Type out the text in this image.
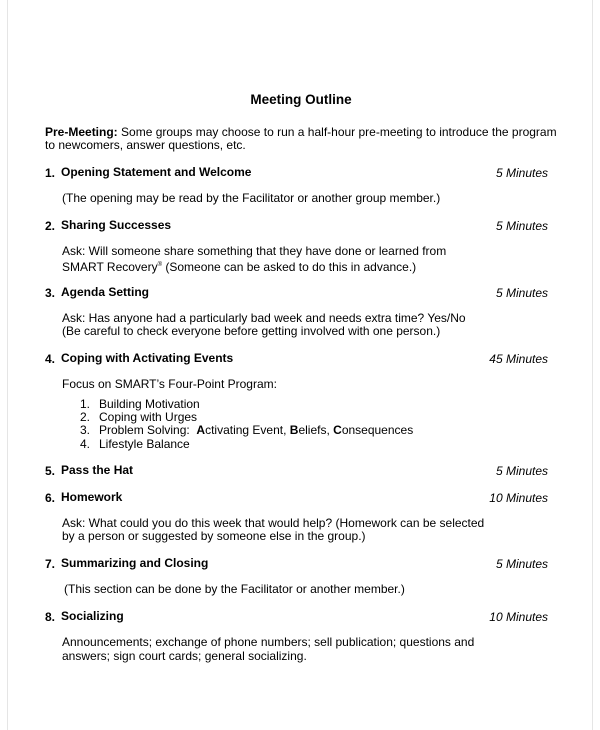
Meeting Outline
Pre-Meeting: Some groups may choose to run a half-hour pre-meeting to introduce the program
to newcomers, answer questions, etc.
1. Opening Statement and Welcome	5 Minutes
(The opening may be read by the Facilitator or another group member.)
2. Sharing Successes	5 Minutes
Ask: Will someone share something that they have done or learned from
SMART Recovery® (Someone can be asked to do this in advance.)
3. Agenda Setting	5 Minutes
Ask: Has anyone had a particularly bad week and needs extra time? Yes/No
(Be careful to check everyone before getting involved with one person.)
4. Coping with Activating Events	45 Minutes
Focus on SMART’s Four-Point Program:
1. Building Motivation
2. Coping with Urges
3. Problem Solving:  Activating Event, Beliefs, Consequences
4. Lifestyle Balance
5. Pass the Hat	5 Minutes
6. Homework	10 Minutes
Ask: What could you do this week that would help? (Homework can be selected
by a person or suggested by someone else in the group.)
7. Summarizing and Closing	5 Minutes
(This section can be done by the Facilitator or another member.)
8. Socializing	10 Minutes
Announcements; exchange of phone numbers; sell publication; questions and
answers; sign court cards; general socializing.
